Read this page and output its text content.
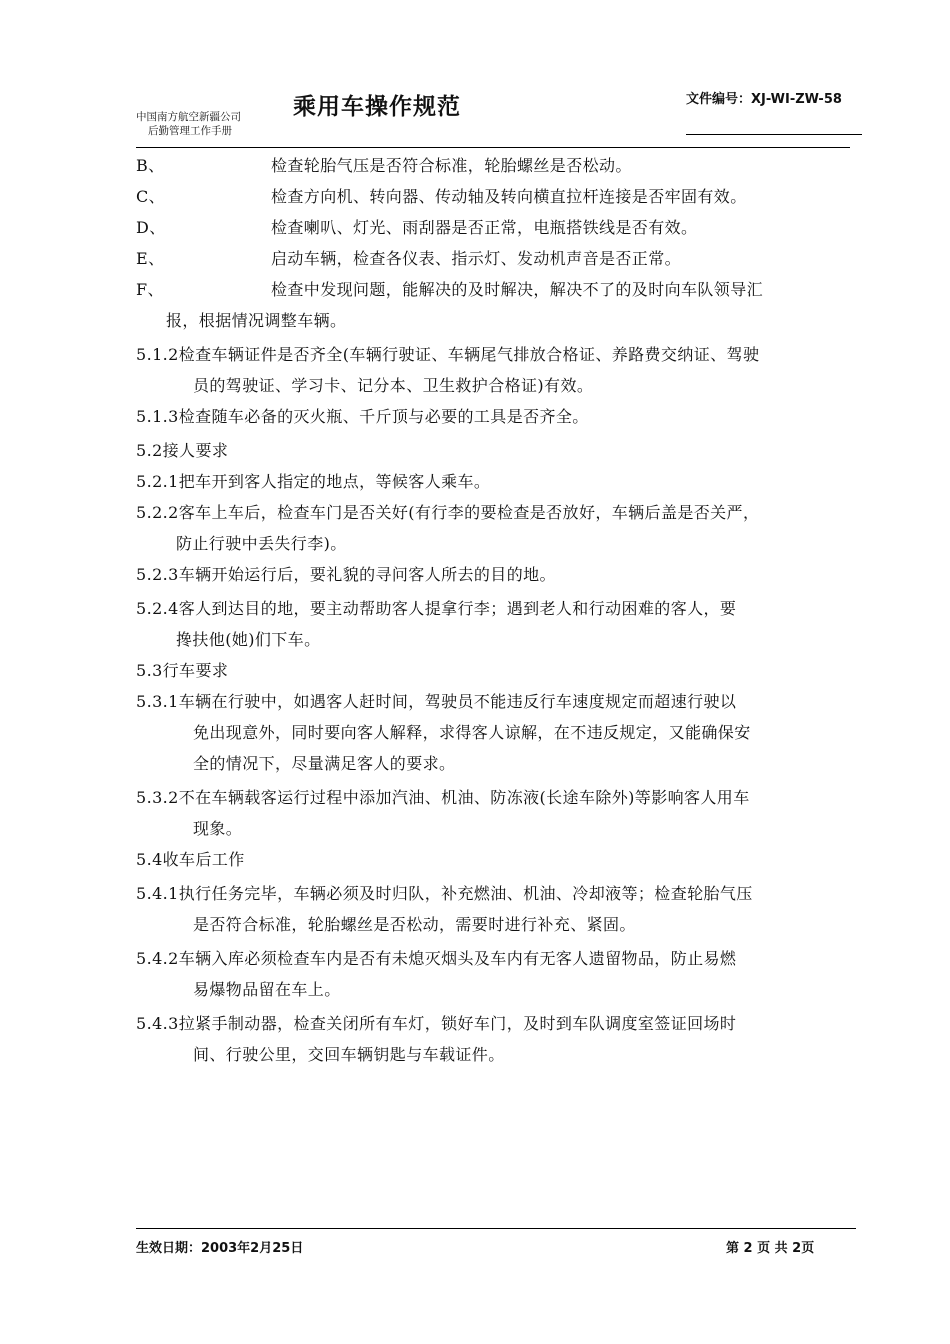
中国南方航空新疆公司
后勤管理工作手册
乘用车操作规范	文件编号：XJ-WI-ZW-58
B、	检查轮胎气压是否符合标准，轮胎螺丝是否松动。
C、	检查方向机、转向器、传动轴及转向横直拉杆连接是否牢固有效。
D、	检查喇叭、灯光、雨刮器是否正常，电瓶搭铁线是否有效。
E、	启动车辆，检查各仪表、指示灯、发动机声音是否正常。
F、	检查中发现问题，能解决的及时解决，解决不了的及时向车队领导汇
报，根据情况调整车辆。
5.1.2检查车辆证件是否齐全(车辆行驶证、车辆尾气排放合格证、养路费交纳证、驾驶
员的驾驶证、学习卡、记分本、卫生救护合格证)有效。
5.1.3检查随车必备的灭火瓶、千斤顶与必要的工具是否齐全。
5.2接人要求
5.2.1把车开到客人指定的地点，等候客人乘车。
5.2.2客车上车后，检查车门是否关好(有行李的要检查是否放好，车辆后盖是否关严，
防止行驶中丢失行李)。
5.2.3车辆开始运行后，要礼貌的寻问客人所去的目的地。
5.2.4客人到达目的地，要主动帮助客人提拿行李；遇到老人和行动困难的客人，要
搀扶他(她)们下车。
5.3行车要求
5.3.1车辆在行驶中，如遇客人赶时间，驾驶员不能违反行车速度规定而超速行驶以
免出现意外，同时要向客人解释，求得客人谅解，在不违反规定，又能确保安
全的情况下，尽量满足客人的要求。
5.3.2不在车辆载客运行过程中添加汽油、机油、防冻液(长途车除外)等影响客人用车
现象。
5.4收车后工作
5.4.1执行任务完毕，车辆必须及时归队，补充燃油、机油、冷却液等；检查轮胎气压
是否符合标准，轮胎螺丝是否松动，需要时进行补充、紧固。
5.4.2车辆入库必须检查车内是否有未熄灭烟头及车内有无客人遗留物品，防止易燃
易爆物品留在车上。
5.4.3拉紧手制动器，检查关闭所有车灯，锁好车门，及时到车队调度室签证回场时
间、行驶公里，交回车辆钥匙与车载证件。
生效日期：2003年2月25日	第 2 页 共 2页
